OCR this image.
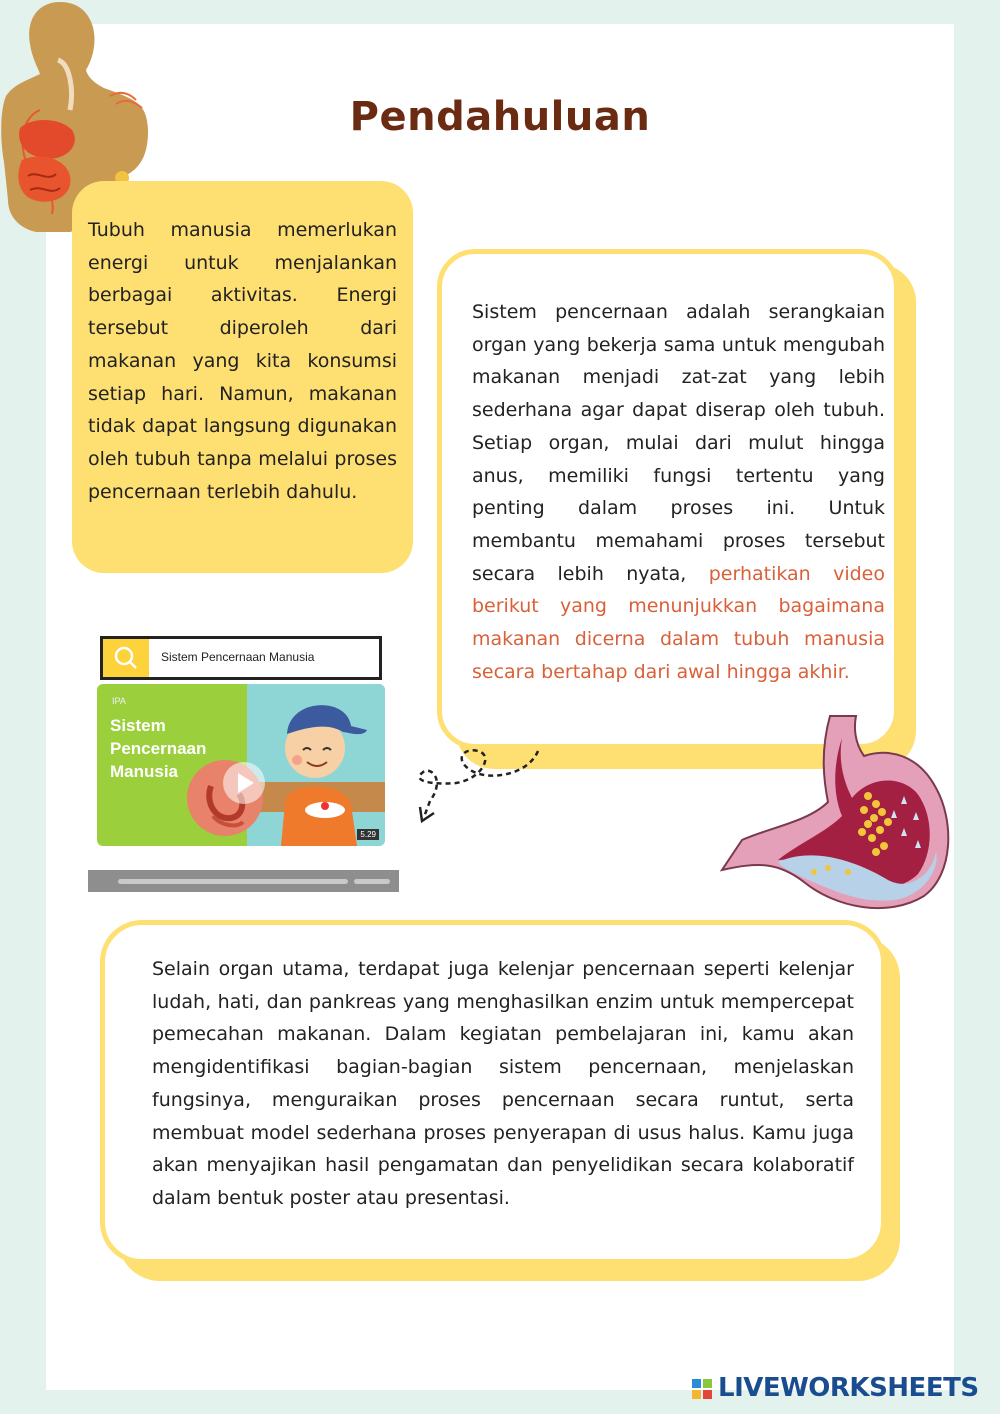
Pendahuluan

Tubuh manusia memerlukan energi untuk menjalankan berbagai aktivitas. Energi tersebut diperoleh dari makanan yang kita konsumsi setiap hari. Namun, makanan tidak dapat langsung digunakan oleh tubuh tanpa melalui proses pencernaan terlebih dahulu.

Sistem pencernaan adalah serangkaian organ yang bekerja sama untuk mengubah makanan menjadi zat-zat yang lebih sederhana agar dapat diserap oleh tubuh. Setiap organ, mulai dari mulut hingga anus, memiliki fungsi tertentu yang penting dalam proses ini. Untuk membantu memahami proses tersebut secara lebih nyata, perhatikan video berikut yang menunjukkan bagaimana makanan dicerna dalam tubuh manusia secara bertahap dari awal hingga akhir.

Sistem Pencernaan Manusia
IPA
Sistem Pencernaan Manusia
5.29

Selain organ utama, terdapat juga kelenjar pencernaan seperti kelenjar ludah, hati, dan pankreas yang menghasilkan enzim untuk mempercepat pemecahan makanan. Dalam kegiatan pembelajaran ini, kamu akan mengidentifikasi bagian-bagian sistem pencernaan, menjelaskan fungsinya, menguraikan proses pencernaan secara runtut, serta membuat model sederhana proses penyerapan di usus halus. Kamu juga akan menyajikan hasil pengamatan dan penyelidikan secara kolaboratif dalam bentuk poster atau presentasi.

LIVEWORKSHEETS
